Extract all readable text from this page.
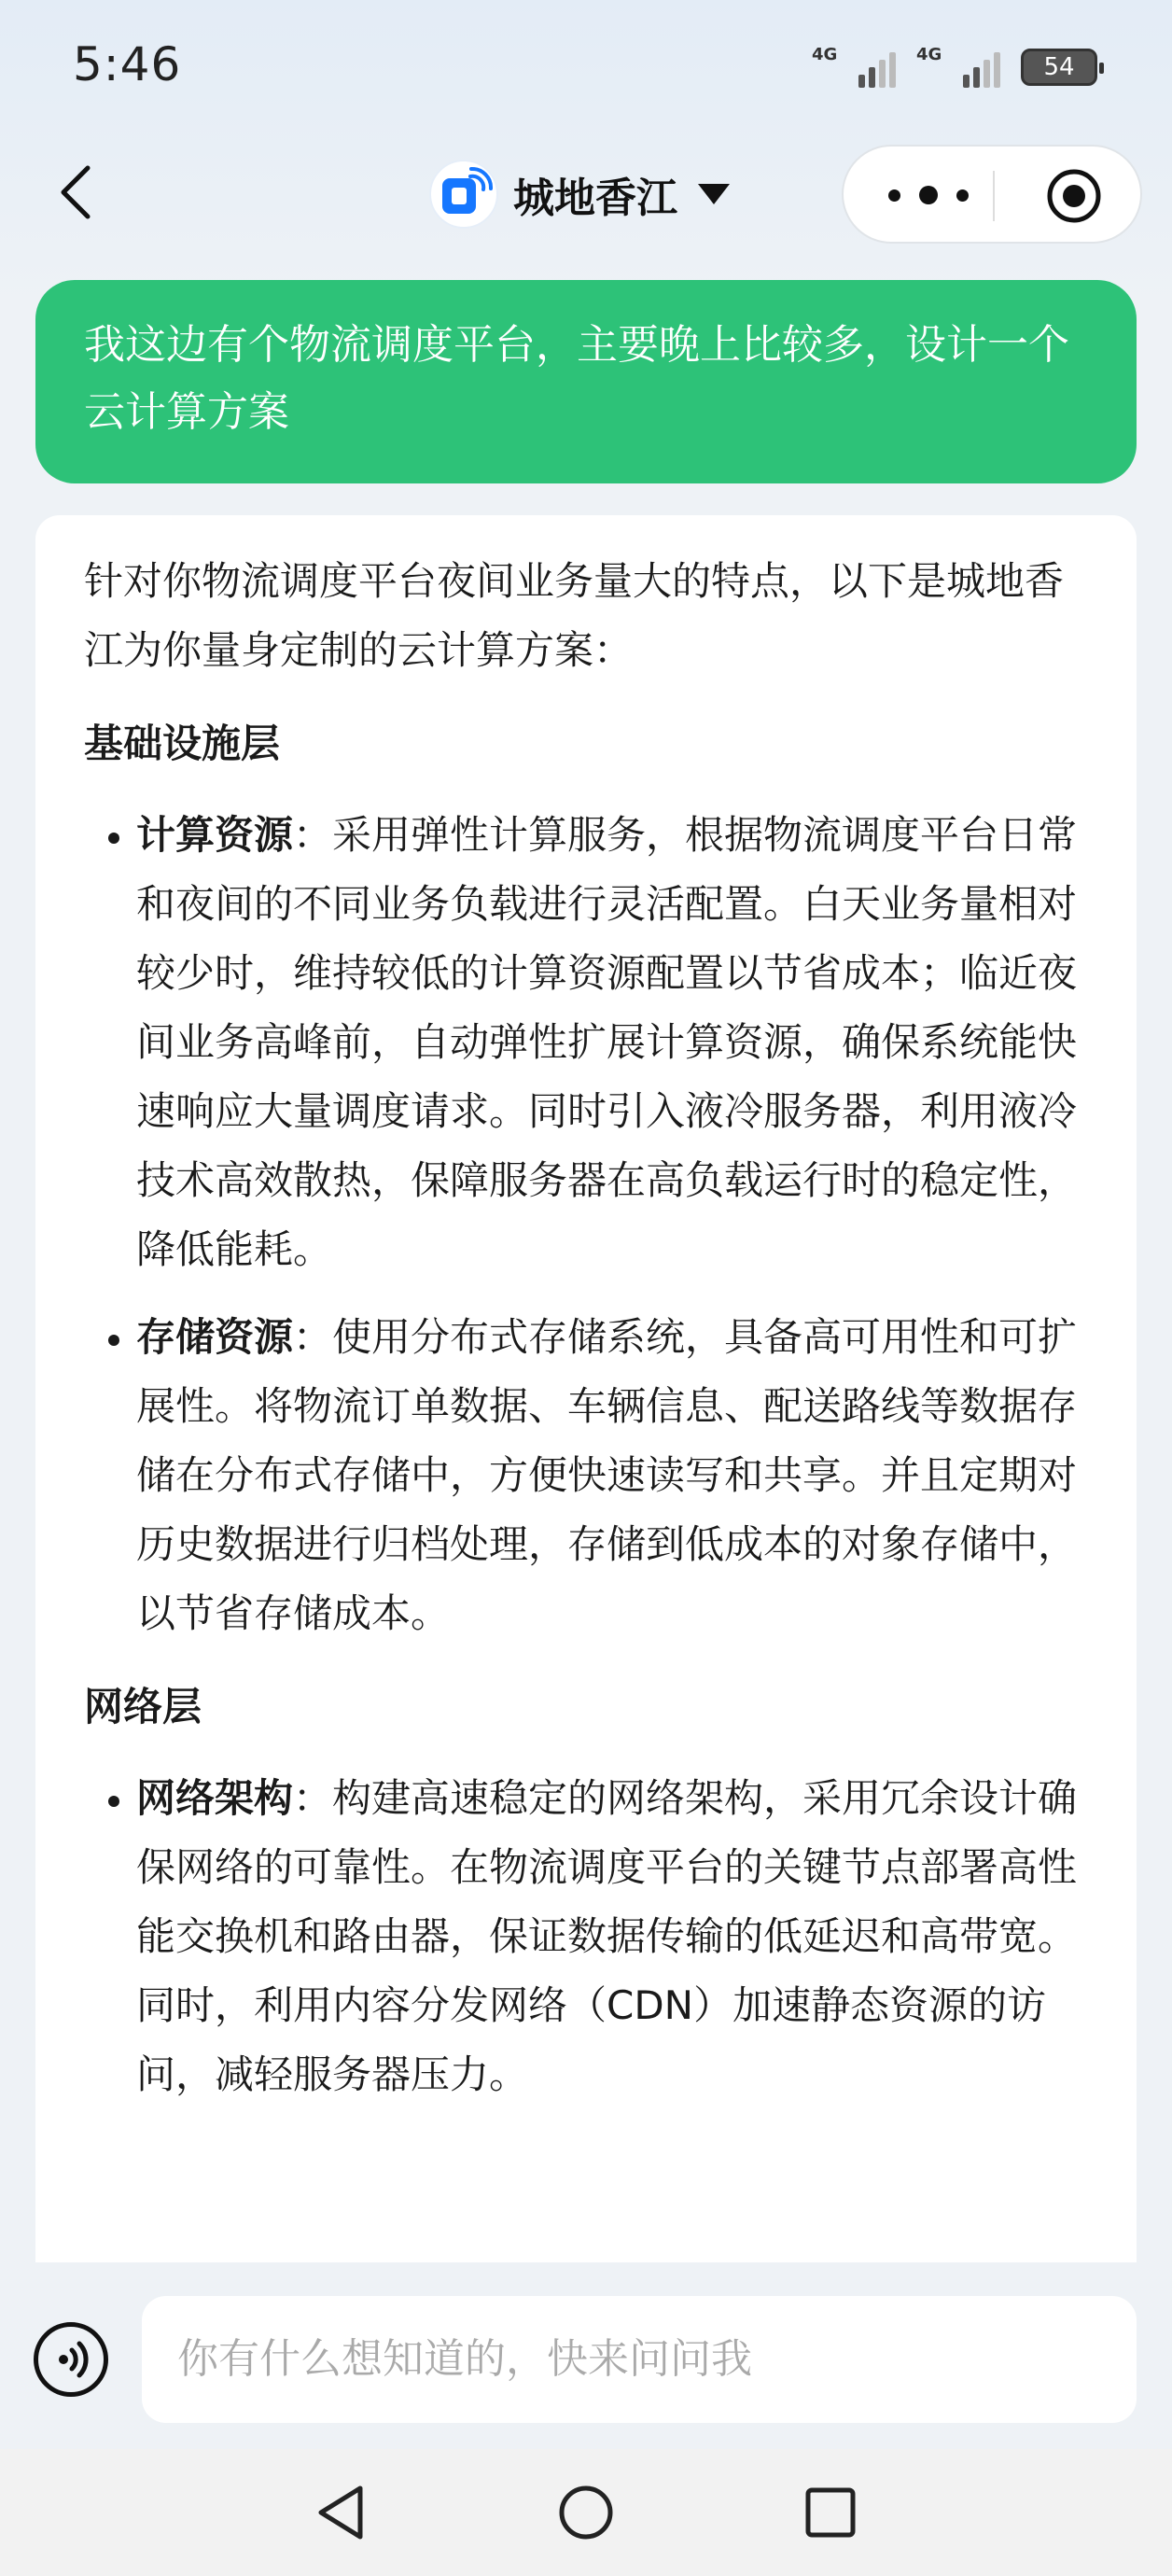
5:46	4G	4G	54
城地香江
我这边有个物流调度平台，主要晚上比较多，设计一个云计算方案

针对你物流调度平台夜间业务量大的特点，以下是城地香江为你量身定制的云计算方案：

基础设施层

• 计算资源：采用弹性计算服务，根据物流调度平台日常和夜间的不同业务负载进行灵活配置。白天业务量相对较少时，维持较低的计算资源配置以节省成本；临近夜间业务高峰前，自动弹性扩展计算资源，确保系统能快速响应大量调度请求。同时引入液冷服务器，利用液冷技术高效散热，保障服务器在高负载运行时的稳定性，降低能耗。
• 存储资源：使用分布式存储系统，具备高可用性和可扩展性。将物流订单数据、车辆信息、配送路线等数据存储在分布式存储中，方便快速读写和共享。并且定期对历史数据进行归档处理，存储到低成本的对象存储中，以节省存储成本。

网络层

• 网络架构：构建高速稳定的网络架构，采用冗余设计确保网络的可靠性。在物流调度平台的关键节点部署高性能交换机和路由器，保证数据传输的低延迟和高带宽。同时，利用内容分发网络（CDN）加速静态资源的访问，减轻服务器压力。
你有什么想知道的，快来问问我
